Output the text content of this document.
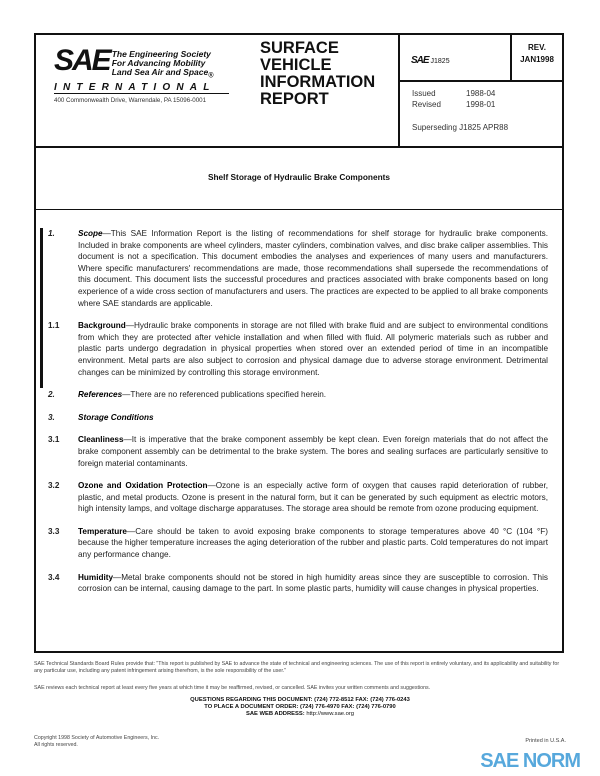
SAE The Engineering Society
For Advancing Mobility
Land Sea Air and Space$_®$
INTERNATIONAL
400 Commonwealth Drive, Warrendale, PA 15096-0001
SURFACE
VEHICLE
INFORMATION
REPORT
SAE J1825
REV.
JAN1998
Issued	1988-04
Revised	1998-01
Superseding J1825 APR88
Shelf Storage of Hydraulic Brake Components
1.	Scope—This SAE Information Report is the listing of recommendations for shelf storage for hydraulic brake components. Included in brake components are wheel cylinders, master cylinders, combination valves, and disc brake caliper assemblies. This document is not a specification. This document embodies the analyses and experiences of many users and manufacturers. Where specific manufacturers' recommendations are made, those recommendations shall supersede the recommendations of this document. This document lists the successful procedures and practices associated with brake components based on long experience of a wide cross section of manufacturers and users. The practices are expected to be applied to all brake components where SAE standards are applicable.
1.1 Background—Hydraulic brake components in storage are not filled with brake fluid and are subject to environmental conditions from which they are protected after vehicle installation and when filled with fluid. All polymeric materials such as rubber and plastic parts undergo degradation in physical properties when stored over an extended period of time in an incompatible environment. Metal parts are also subject to corrosion and physical damage due to adverse storage environment. Detrimental changes can be minimized by controlling this storage environment.
2.	References—There are no referenced publications specified herein.
3.	Storage Conditions
3.1 Cleanliness—It is imperative that the brake component assembly be kept clean. Even foreign materials that do not affect the brake component assembly can be detrimental to the brake system. The bores and sealing surfaces are particularly sensitive to foreign material contaminants.
3.2 Ozone and Oxidation Protection—Ozone is an especially active form of oxygen that causes rapid deterioration of rubber, plastic, and metal products. Ozone is present in the natural form, but it can be generated by such equipment as electric motors, high intensity lamps, and voltage discharge apparatuses. The storage area should be remote from ozone producing equipment.
3.3 Temperature—Care should be taken to avoid exposing brake components to storage temperatures above 40 °C (104 °F) because the higher temperature increases the aging deterioration of the rubber and plastic parts. Cold temperatures do not impart any performance change.
3.4 Humidity—Metal brake components should not be stored in high humidity areas since they are susceptible to corrosion. This corrosion can be internal, causing damage to the part. In some plastic parts, humidity will cause changes in physical properties.
SAE Technical Standards Board Rules provide that: "This report is published by SAE to advance the state of technical and engineering sciences. The use of this report is entirely voluntary, and its applicability and suitability for any particular use, including any patent infringement arising therefrom, is the sole responsibility of the user."
SAE reviews each technical report at least every five years at which time it may be reaffirmed, revised, or cancelled. SAE invites your written comments and suggestions.
QUESTIONS REGARDING THIS DOCUMENT: (724) 772-8512 FAX: (724) 776-0243
TO PLACE A DOCUMENT ORDER: (724) 776-4970 FAX: (724) 776-0790
SAE WEB ADDRESS: http://www.sae.org
Copyright 1998 Society of Automotive Engineers, Inc.
All rights reserved.
Printed in U.S.A.
SAE NORM
